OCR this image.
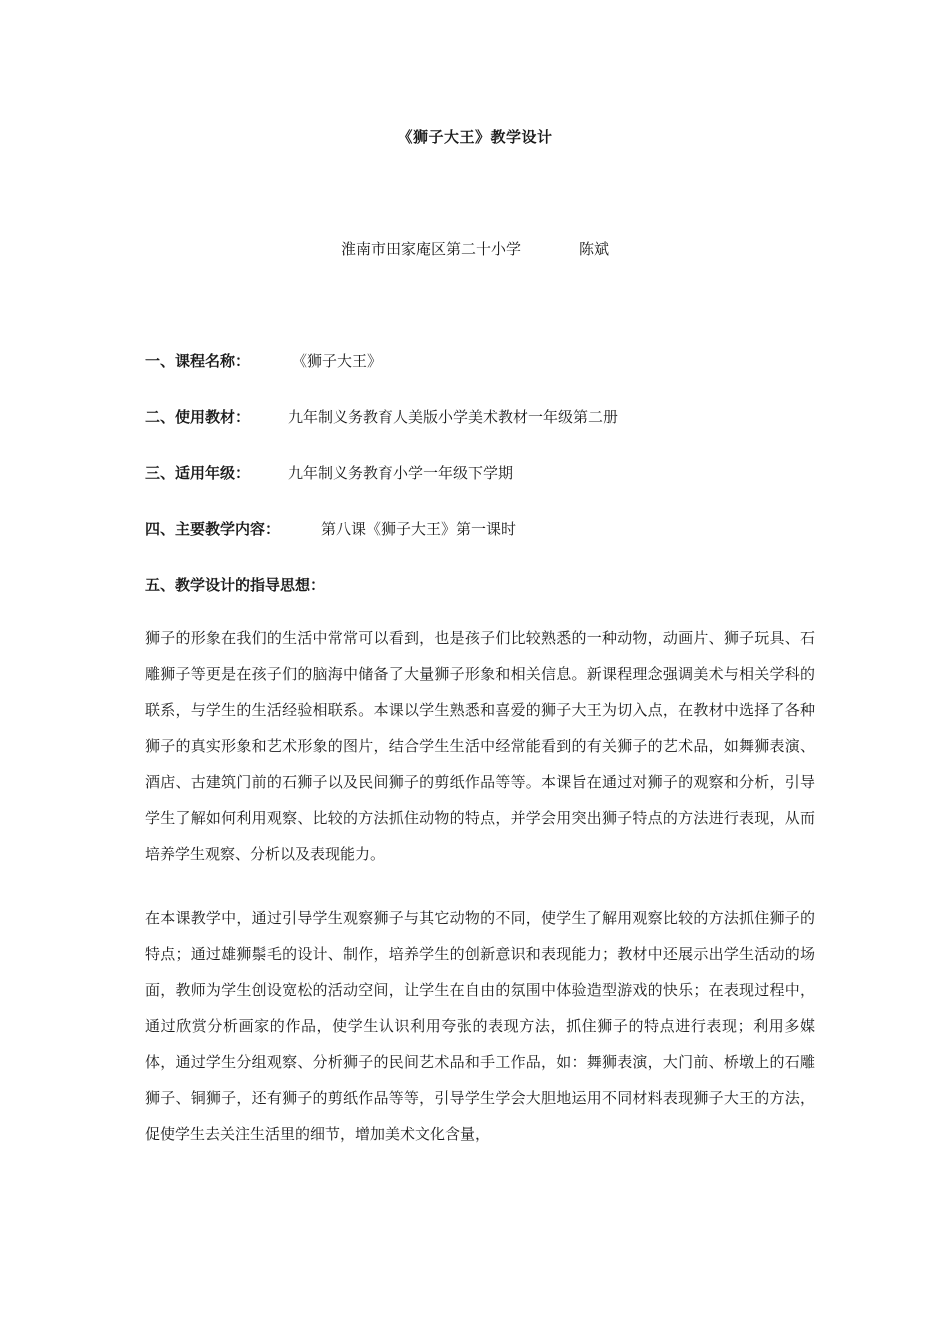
《狮子大王》教学设计
淮南市田家庵区第二十小学	陈斌
一、课程名称：	《狮子大王》
二、使用教材：	九年制义务教育人美版小学美术教材一年级第二册
三、适用年级：	九年制义务教育小学一年级下学期
四、主要教学内容：	第八课《狮子大王》第一课时
五、教学设计的指导思想：

狮子的形象在我们的生活中常常可以看到，也是孩子们比较熟悉的一种动物，动画片、狮子玩具、石雕狮子等更是在孩子们的脑海中储备了大量狮子形象和相关信息。新课程理念强调美术与相关学科的联系，与学生的生活经验相联系。本课以学生熟悉和喜爱的狮子大王为切入点，在教材中选择了各种狮子的真实形象和艺术形象的图片，结合学生生活中经常能看到的有关狮子的艺术品，如舞狮表演、酒店、古建筑门前的石狮子以及民间狮子的剪纸作品等等。本课旨在通过对狮子的观察和分析，引导学生了解如何利用观察、比较的方法抓住动物的特点，并学会用突出狮子特点的方法进行表现，从而培养学生观察、分析以及表现能力。

在本课教学中，通过引导学生观察狮子与其它动物的不同，使学生了解用观察比较的方法抓住狮子的特点；通过雄狮鬃毛的设计、制作，培养学生的创新意识和表现能力；教材中还展示出学生活动的场面，教师为学生创设宽松的活动空间，让学生在自由的氛围中体验造型游戏的快乐；在表现过程中，通过欣赏分析画家的作品，使学生认识利用夸张的表现方法，抓住狮子的特点进行表现；利用多媒体，通过学生分组观察、分析狮子的民间艺术品和手工作品，如：舞狮表演，大门前、桥墩上的石雕狮子、铜狮子，还有狮子的剪纸作品等等，引导学生学会大胆地运用不同材料表现狮子大王的方法，促使学生去关注生活里的细节，增加美术文化含量，
